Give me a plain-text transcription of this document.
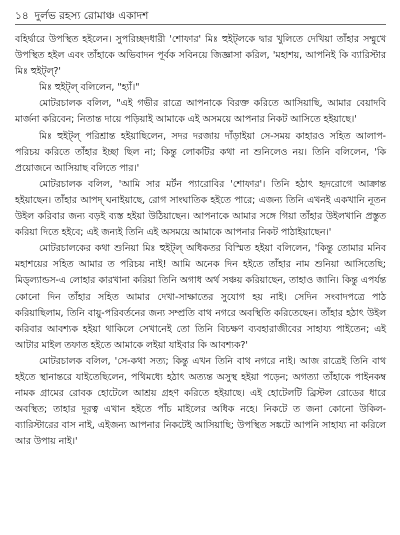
১৪ দুর্লভ রহস্য রোমাঞ্চ একাদশ

বহির্দ্বারে উপস্থিত হইলেন। সুপরিচ্ছদধারী 'শোফার' মিঃ হুইট্‌লকে দ্বার খুলিতে দেখিয়া তাঁহার সম্মুখে উপস্থিত হইল এবং তাঁহাকে অভিবাদন পূর্বক সবিনয়ে জিজ্ঞাসা করিল, 'মহাশয়, আপনিই কি ব্যারিস্টার মিঃ হুইট্‌ল্‌?'

মিঃ হুইট্‌ল্‌ বলিলেন, "হ্যাঁ।"

মোটরচালক বলিল, "এই গভীর রাত্রে আপনাকে বিরক্ত করিতে আসিয়াছি, আমার বেয়াদবি মার্জনা করিবেন; নিতান্ত দায়ে পড়িয়াই আমাকে এই অসময়ে আপনার নিকট আসিতে হইয়াছে।'

মিঃ হুইট্‌ল্‌ পরিশ্রান্ত হইয়াছিলেন, সদর দরজায় দাঁড়াইয়া সে-সময় কাহারও সহিত আলাপ-পরিচয় করিতে তাঁহার ইচ্ছা ছিল না; কিন্তু লোকটির কথা না শুনিলেও নয়। তিনি বলিলেন, 'কি প্রয়োজনে আসিয়াছ বলিতে পার।'

মোটরচালক বলিল, 'আমি সার মর্টন প্যারোবির 'শোফার'। তিনি হঠাৎ হৃদরোগে আক্রান্ত হইয়াছেন। তাঁহার আপদ্ ঘনাইয়াছে, রোগ সাংঘাতিক হইতে পারে; এজন্য তিনি এখনই একখানি নূতন উইল করিবার জন্য বড়ই ব্যস্ত হইয়া উঠিয়াছেন। আপনাকে আমার সঙ্গে গিয়া তাঁহার উইলখানি প্রস্তুত করিয়া দিতে হইবে; এই জন্যই তিনি এই অসময়ে আমাকে আপনার নিকট পাঠাইয়াছেন।'

মোটরচালকের কথা শুনিয়া মিঃ হুইট্‌ল্‌ অধিকতর বিস্মিত হইয়া বলিলেন, 'কিন্তু তোমার মনিব মহাশয়ের সহিত আমার ত পরিচয় নাই! আমি অনেক দিন হইতে তাঁহার নাম শুনিয়া আসিতেছি; মিড্‌ল্যান্ডস-এ লোহার কারখানা করিয়া তিনি অগাধ অর্থ সঞ্চয় করিয়াছেন, তাহাও জানি। কিন্তু এপর্যন্ত কোনো দিন তাঁহার সহিত আমার দেখা-সাক্ষাতের সুযোগ হয় নাই। সেদিন সংবাদপত্রে পাঠ করিয়াছিলাম, তিনি বায়ু-পরিবর্তনের জন্য সম্প্রতি বাথ নগরে অবস্থিতি করিতেছেন। তাঁহার হঠাৎ উইল করিবার আবশ্যক হইয়া থাকিলে সেখানেই তো তিনি বিচক্ষণ ব্যবহারাজীবের সাহায্য পাইতেন; এই আটার মাইল তফাত হইতে আমাকে লইয়া যাইবার কি আবশ্যক?'

মোটরচালক বলিল, 'সে-কথা সত্য; কিন্তু এখন তিনি বাথ নগরে নাই। আজ রাত্রেই তিনি বাথ হইতে স্থানান্তরে যাইতেছিলেন, পথিমধ্যে হঠাৎ অত্যন্ত অসুস্থ হইয়া পড়েন; অগত্যা তাঁহাকে পাইনকম্ব নামক গ্রামের রোবক হোটেলে আশ্রয় গ্রহণ করিতে হইয়াছে। এই হোটেলটি ব্রিস্টল রোডের ধারে অবস্থিত; তাহার দূরত্ব এখান হইতে পাঁচ মাইলের অধিক নহে। নিকটে ত জনা কোনো উকিল-ব্যারিস্টারের বাস নাই, এইজন্য আপনার নিকটেই আসিয়াছি; উপস্থিত সঙ্কটে আপনি সাহায্য না করিলে আর উপায় নাই।'
